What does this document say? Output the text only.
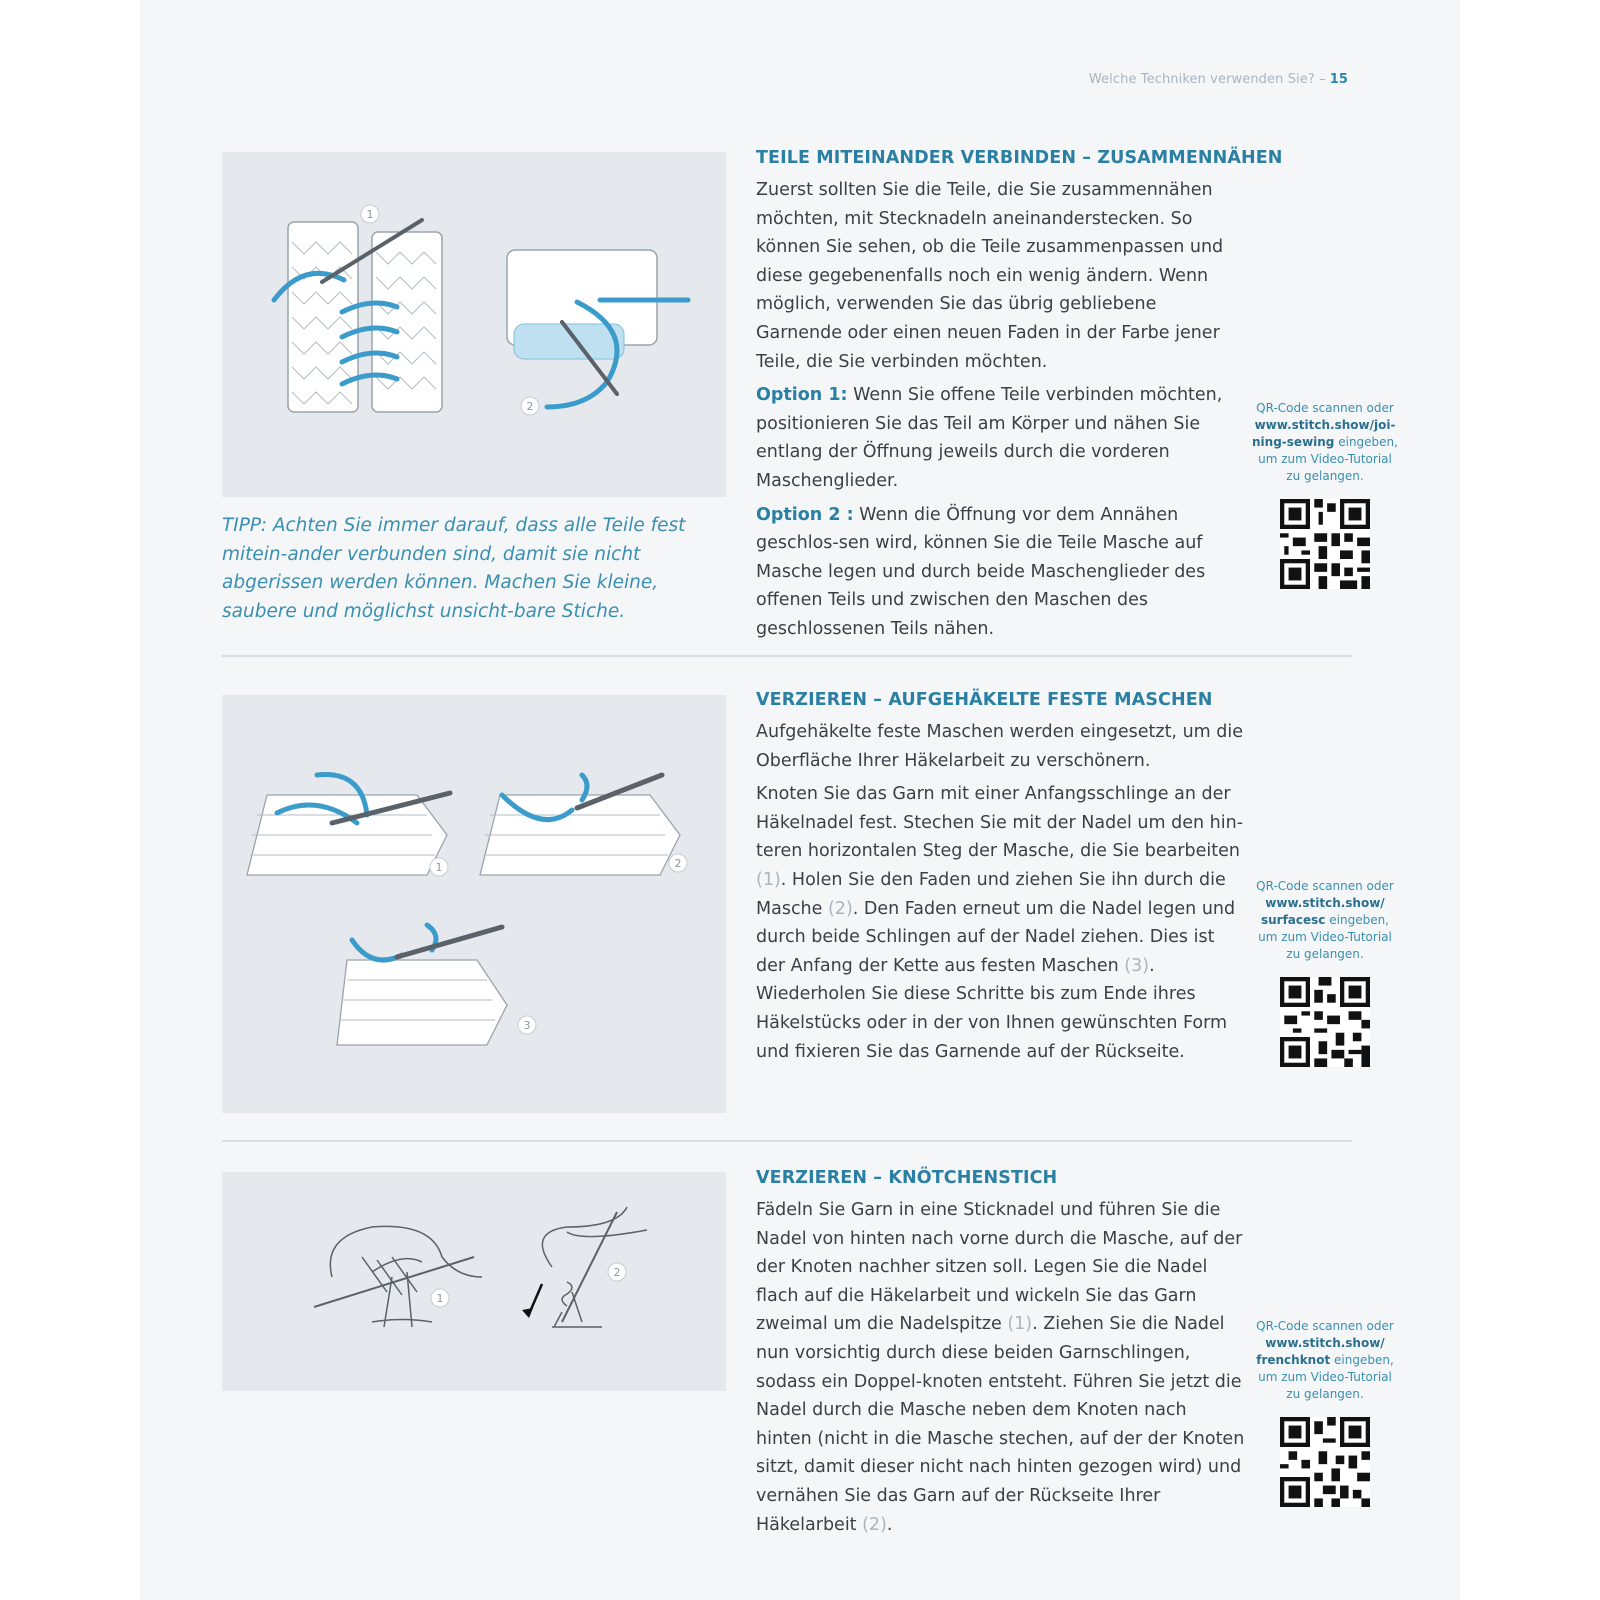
Welche Techniken verwenden Sie? – 15
1
2
TIPP: Achten Sie immer darauf, dass alle Teile fest mitein-ander verbunden sind, damit sie nicht abgerissen werden können. Machen Sie kleine, saubere und möglichst unsicht-bare Stiche.
TEILE MITEINANDER VERBINDEN – ZUSAMMENNÄHEN

Zuerst sollten Sie die Teile, die Sie zusammennähen möchten, mit Stecknadeln aneinanderstecken. So können Sie sehen, ob die Teile zusammenpassen und diese gegebenenfalls noch ein wenig ändern. Wenn möglich, verwenden Sie das übrig gebliebene Garnende oder einen neuen Faden in der Farbe jener Teile, die Sie verbinden möchten.

Option 1: Wenn Sie offene Teile verbinden möchten, positionieren Sie das Teil am Körper und nähen Sie entlang der Öffnung jeweils durch die vorderen Maschenglieder.

Option 2 : Wenn die Öffnung vor dem Annähen geschlos-sen wird, können Sie die Teile Masche auf Masche legen und durch beide Maschenglieder des offenen Teils und zwischen den Maschen des geschlossenen Teils nähen.

QR-Code scannen oder www.stitch.show/joi-ning-sewing eingeben, um zum Video-Tutorial zu gelangen.
1	2
3
VERZIEREN – AUFGEHÄKELTE FESTE MASCHEN

Aufgehäkelte feste Maschen werden eingesetzt, um die Oberfläche Ihrer Häkelarbeit zu verschönern.

Knoten Sie das Garn mit einer Anfangsschlinge an der Häkelnadel fest. Stechen Sie mit der Nadel um den hin-teren horizontalen Steg der Masche, die Sie bearbeiten (1). Holen Sie den Faden und ziehen Sie ihn durch die Masche (2). Den Faden erneut um die Nadel legen und durch beide Schlingen auf der Nadel ziehen. Dies ist der Anfang der Kette aus festen Maschen (3). Wiederholen Sie diese Schritte bis zum Ende ihres Häkelstücks oder in der von Ihnen gewünschten Form und fixieren Sie das Garnende auf der Rückseite.

QR-Code scannen oder www.stitch.show/ surfacesc eingeben, um zum Video-Tutorial zu gelangen.
1
2
VERZIEREN – KNÖTCHENSTICH

Fädeln Sie Garn in eine Sticknadel und führen Sie die Nadel von hinten nach vorne durch die Masche, auf der der Knoten nachher sitzen soll. Legen Sie die Nadel flach auf die Häkelarbeit und wickeln Sie das Garn zweimal um die Nadelspitze (1). Ziehen Sie die Nadel nun vorsichtig durch diese beiden Garnschlingen, sodass ein Doppel-knoten entsteht. Führen Sie jetzt die Nadel durch die Masche neben dem Knoten nach hinten (nicht in die Masche stechen, auf der der Knoten sitzt, damit dieser nicht nach hinten gezogen wird) und vernähen Sie das Garn auf der Rückseite Ihrer Häkelarbeit (2).

QR-Code scannen oder www.stitch.show/ frenchknot eingeben, um zum Video-Tutorial zu gelangen.
